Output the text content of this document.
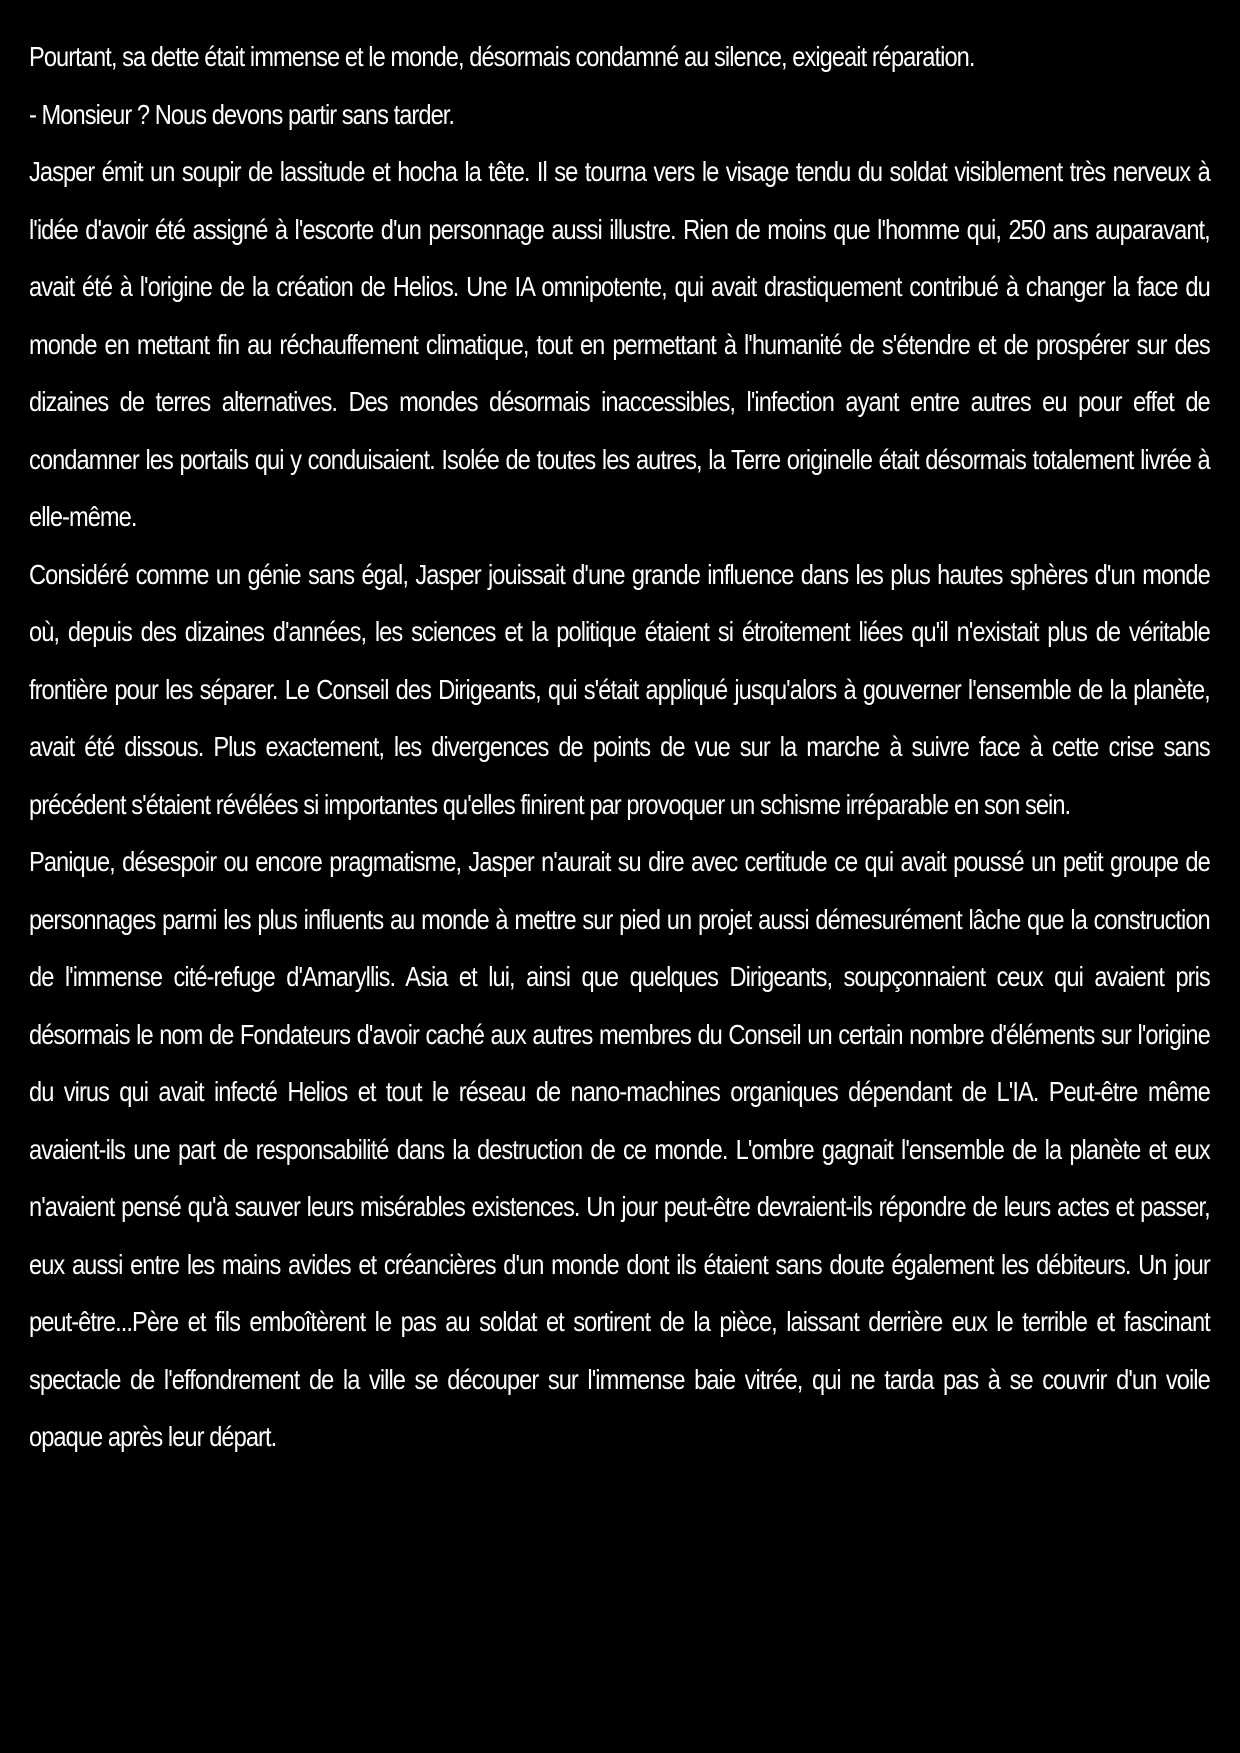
Pourtant, sa dette était immense et le monde, désormais condamné au silence, exigeait réparation.

- Monsieur ? Nous devons partir sans tarder.

Jasper émit un soupir de lassitude et hocha la tête. Il se tourna vers le visage tendu du soldat visiblement très nerveux à l'idée d'avoir été assigné à l'escorte d'un personnage aussi illustre. Rien de moins que l'homme qui, 250 ans auparavant, avait été à l'origine de la création de Helios. Une IA omnipotente, qui avait drastiquement contribué à changer la face du monde en mettant fin au réchauffement climatique, tout en permettant à l'humanité de s'étendre et de prospérer sur des dizaines de terres alternatives. Des mondes désormais inaccessibles, l'infection ayant entre autres eu pour effet de condamner les portails qui y conduisaient. Isolée de toutes les autres, la Terre originelle était désormais totalement livrée à elle-même.

Considéré comme un génie sans égal, Jasper jouissait d'une grande influence dans les plus hautes sphères d'un monde où, depuis des dizaines d'années, les sciences et la politique étaient si étroitement liées qu'il n'existait plus de véritable frontière pour les séparer. Le Conseil des Dirigeants, qui s'était appliqué jusqu'alors à gouverner l'ensemble de la planète, avait été dissous. Plus exactement, les divergences de points de vue sur la marche à suivre face à cette crise sans précédent s'étaient révélées si importantes qu'elles finirent par provoquer un schisme irréparable en son sein.

Panique, désespoir ou encore pragmatisme, Jasper n'aurait su dire avec certitude ce qui avait poussé un petit groupe de personnages parmi les plus influents au monde à mettre sur pied un projet aussi démesurément lâche que la construction de l'immense cité-refuge d'Amaryllis. Asia et lui, ainsi que quelques Dirigeants, soupçonnaient ceux qui avaient pris désormais le nom de Fondateurs d'avoir caché aux autres membres du Conseil un certain nombre d'éléments sur l'origine du virus qui avait infecté Helios et tout le réseau de nano-machines organiques dépendant de L'IA. Peut-être même avaient-ils une part de responsabilité dans la destruction de ce monde. L'ombre gagnait l'ensemble de la planète et eux n'avaient pensé qu'à sauver leurs misérables existences. Un jour peut-être devraient-ils répondre de leurs actes et passer, eux aussi entre les mains avides et créancières d'un monde dont ils étaient sans doute également les débiteurs. Un jour peut-être...Père et fils emboîtèrent le pas au soldat et sortirent de la pièce, laissant derrière eux le terrible et fascinant spectacle de l'effondrement de la ville se découper sur l'immense baie vitrée, qui ne tarda pas à se couvrir d'un voile opaque après leur départ.
